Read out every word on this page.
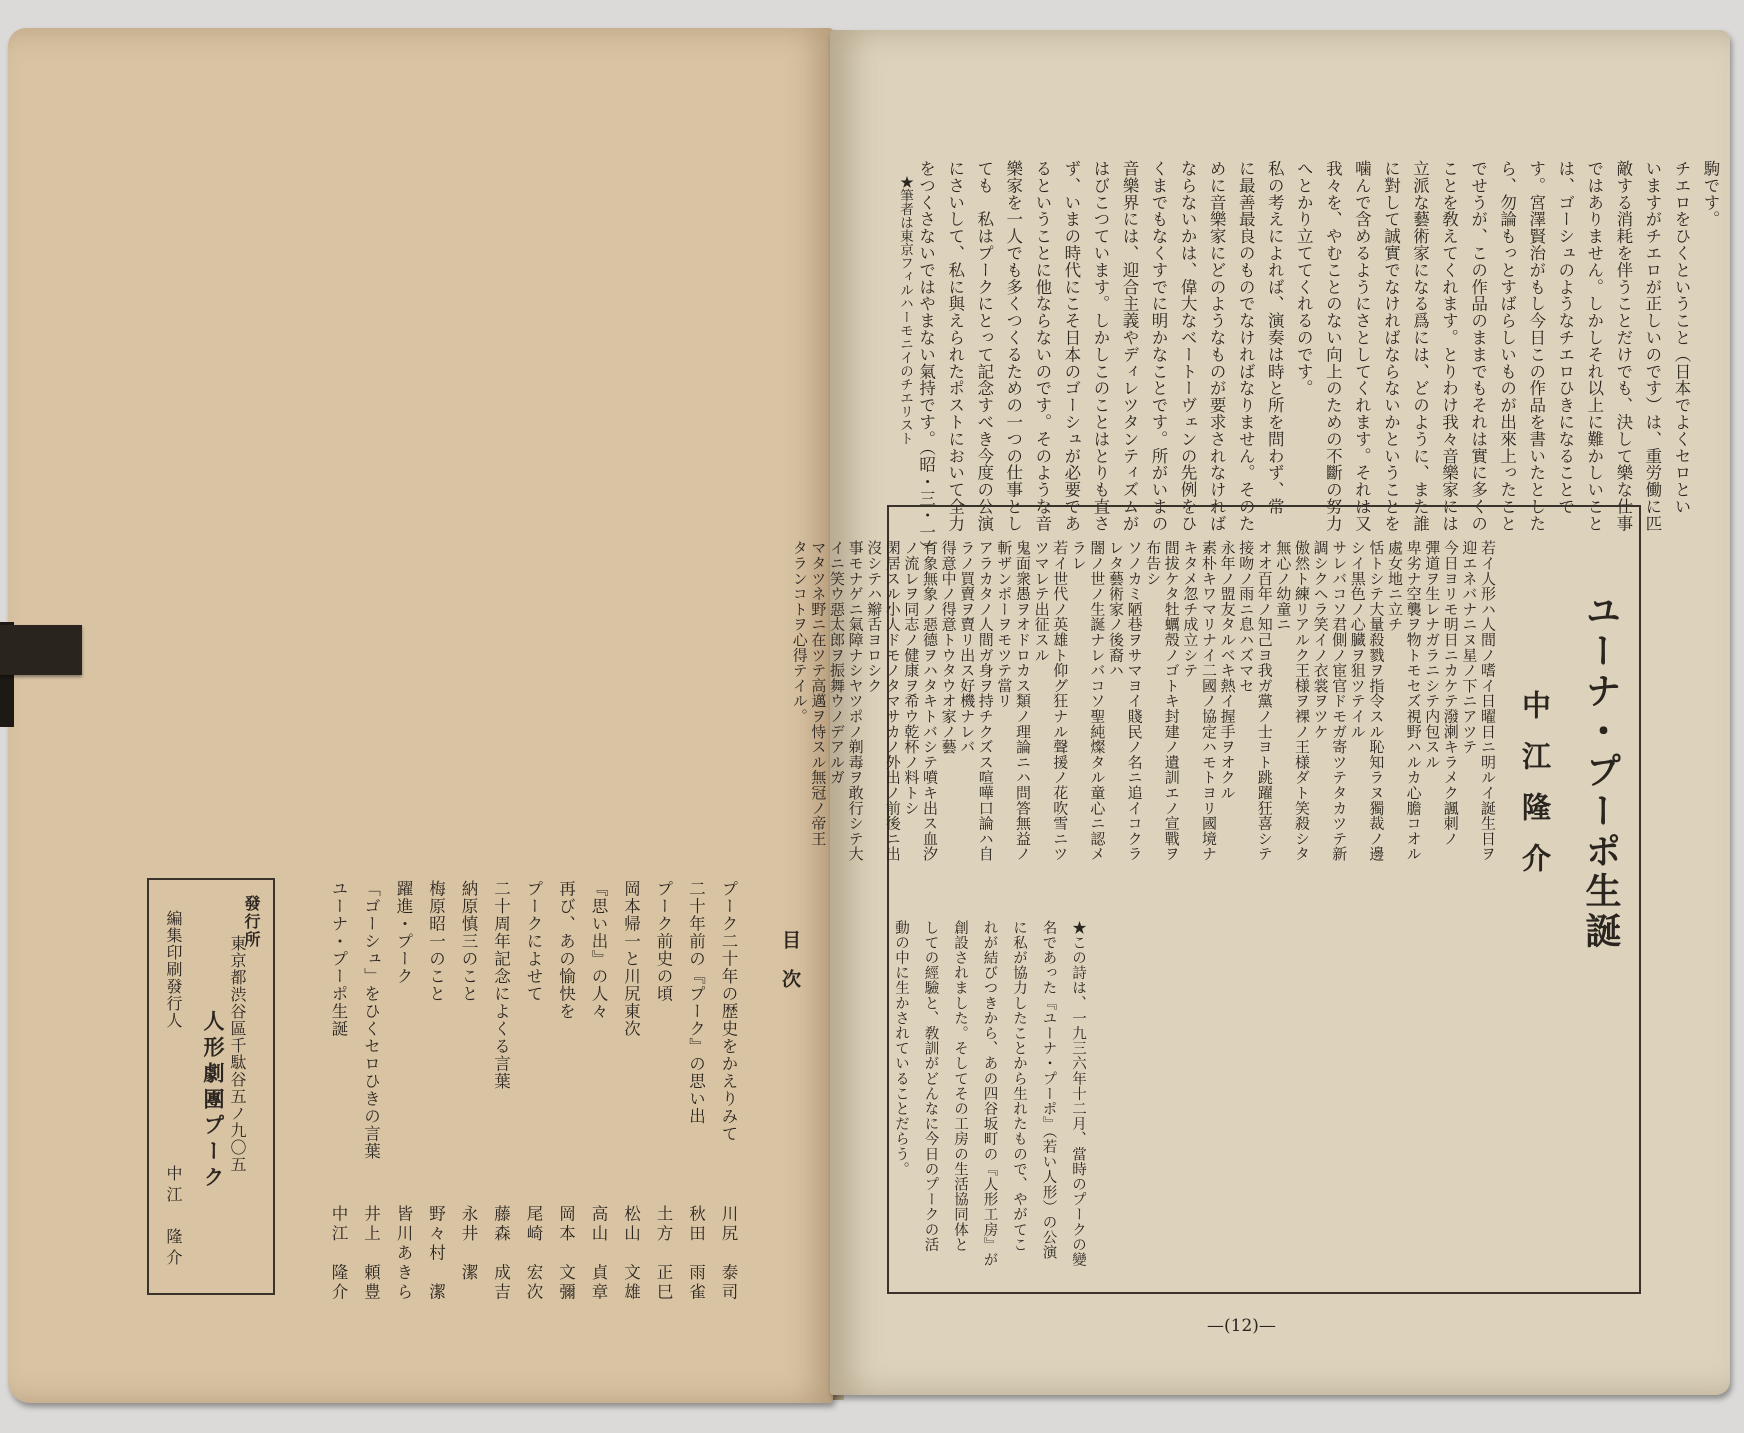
駒です。
チエロをひくということ（日本でよくセロとい
いますがチエロが正しいのです）は、重労働に匹
敵する消耗を伴うことだけでも、決して樂な仕事
ではありません。しかしそれ以上に難かしいこと
は、ゴーシュのようなチエロひきになることで
す。宮澤賢治がもし今日この作品を書いたとした
ら、勿論もっとすばらしいものが出來上ったこと
でせうが、この作品のままでもそれは實に多くの
ことを敎えてくれます。とりわけ我々音樂家には
立派な藝術家になる爲には、どのように、また誰
に對して誠實でなければならないかということを
噛んで含めるようにさとしてくれます。それは又
我々を、やむことのない向上のための不斷の努力
へとかり立ててくれるのです。
私の考えによれば、演奏は時と所を問わず、常
に最善最良のものでなければなりません。そのた
めに音樂家にどのようなものが要求されなければ
ならないかは、偉大なベートーヴェンの先例をひ
くまでもなくすでに明かなことです。所がいまの
音樂界には、迎合主義やディレツタンティズムが
はびこつています。しかしこのことはとりも直さ
ず、いまの時代にこそ日本のゴーシュが必要であ
るということに他ならないのです。そのような音
樂家を一人でも多くつくるための一つの仕事とし
ても　私はプークにとって記念すべき今度の公演
にさいして、私に與えられたポストにおいて全力
をつくさないではやまない氣持です。（昭・三・一）
★筆者は東京フィルハーモニイのチエリスト
ユーナ・プーポ生誕
中江隆介
若イ人形ハ人間ノ嗜イ日曜日ニ明ルイ誕生日ヲ
迎エネバナニヌ星ノ下ニアツテ
今日ヨリモ明日ニカケテ潑溂キラメク諷刺ノ
彈道ヲ生レナガラニシテ内包スル
卑劣ナ空襲ヲ物トモセズ視野ハルカ心膽コオル
處女地ニ立チ
恬トシテ大量殺戮ヲ指令スル恥知ラヌ獨裁ノ邊
シイ黒色ノ心臓ヲ狙ツテイル
サレバコソ君側ノ宦官ドモガ寄ツテタカツテ新
調シクヘラ笑イノ衣裳ヲツケ
傲然ト練リアルク王様ヲ裸ノ王様ダト笑殺シタ
無心ノ幼童ニ
オオ百年ノ知己ヨ我ガ黨ノ士ヨト跳躍狂喜シテ
接吻ノ雨ニ息ハズマセ
永年ノ盟友タルベキ熱イ握手ヲオクル
素朴キワマリナイ二國ノ協定ハモトヨリ國境ナ
キタメ忽チ成立シテ
間拔ケタ牡蠣殼ノゴトキ封建ノ遺訓エノ宣戰ヲ
布告シ
ソノカミ陋巷ヲサマヨイ賤民ノ名ニ追イコクラ
レタ藝術家ノ後裔ハ
闇ノ世ノ生誕ナレバコソ聖純燦タル童心ニ認メ
ラレ
若イ世代ノ英雄ト仰グ狂ナル聲援ノ花吹雪ニツ
ツマレテ出征スル
鬼面衆愚ヲオドロカス類ノ理論ニハ問答無益ノ
斬ザンポーヲモツテ當リ
アラカタノ人間ガ身ヲ持チクズス喧嘩口論ハ自
ラノ買賣ヲ賣リ出ス好機ナレバ
得意中ノ得意トウタウオ家ノ藝
有象無象ノ惡德ヲハタキトバシテ噴キ出ス血汐
ノ流レヲ同志ノ健康ヲ希ウ乾杯ノ料トシ
閑居スル小人ドモノタマサカノ外出ノ前後ニ出
沒シテハ辮舌ヨロシク
事モナゲニ氣障ナシヤツポノ剃毒ヲ敢行シテ大
イニ笑ウ惡太郎ヲ振舞ウノデアルガ
マタツネ野ニ在ツテ高邁ヲ恃スル無冠ノ帝王
タランコトヲ心得テイル。
★この詩は、一九三六年十二月、當時のプークの變
名であった『ユーナ・プーポ』（若い人形）の公演
に私が協力したことから生れたもので、やがてこ
れが結びつきから、あの四谷坂町の『人形工房』が
創設されました。そしてその工房の生活協同体と
しての經驗と、敎訓がどんなに今日のプークの活
動の中に生かされていることだらう。
—(12)—
目次
プーク二十年の歴史をかえりみて
川尻　泰司
二十年前の『プーク』の思い出
秋田　雨雀
プーク前史の頃
土方　正巳
岡本帰一と川尻東次
松山　文雄
『思い出』の人々
高山　貞章
再び、あの愉快を
岡本　文彌
プークによせて
尾崎　宏次
二十周年記念によくる言葉
藤森　成吉
納原慎三のこと
永井　潔
梅原昭一のこと
野々村　潔
躍進・プーク
皆川あきら
「ゴーシュ」をひくセロひきの言葉
井上　頼豊
ユーナ・プーポ生誕
中江　隆介
發行所
東京都渋谷區千駄谷五ノ九〇五
人形劇團プーク
編集印刷發行人
中江　隆介
